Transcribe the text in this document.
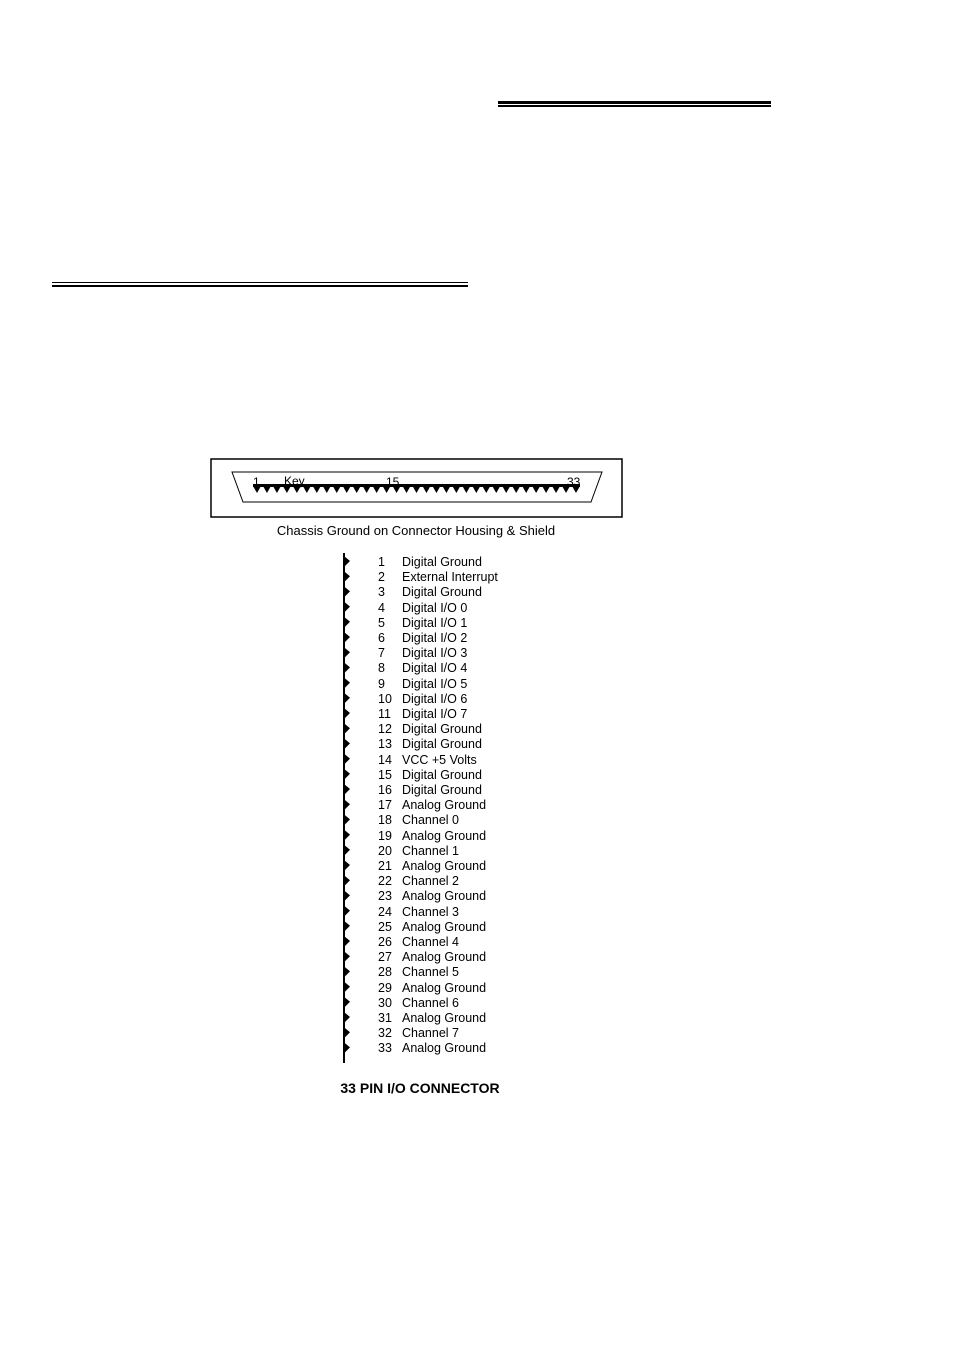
1 Key	15	33
Chassis Ground on Connector Housing & Shield
1	Digital Ground
2	External Interrupt
3	Digital Ground
4	Digital I/O 0
5	Digital I/O 1
6	Digital I/O 2
7	Digital I/O 3
8	Digital I/O 4
9	Digital I/O 5
10 Digital I/O 6
11 Digital I/O 7
12 Digital Ground
13 Digital Ground
14 VCC +5 Volts
15 Digital Ground
16 Digital Ground
17 Analog Ground
18 Channel 0
19 Analog Ground
20 Channel 1
21 Analog Ground
22 Channel 2
23 Analog Ground
24 Channel 3
25 Analog Ground
26 Channel 4
27 Analog Ground
28 Channel 5
29 Analog Ground
30 Channel 6
31 Analog Ground
32 Channel 7
33 Analog Ground
33 PIN I/O CONNECTOR
